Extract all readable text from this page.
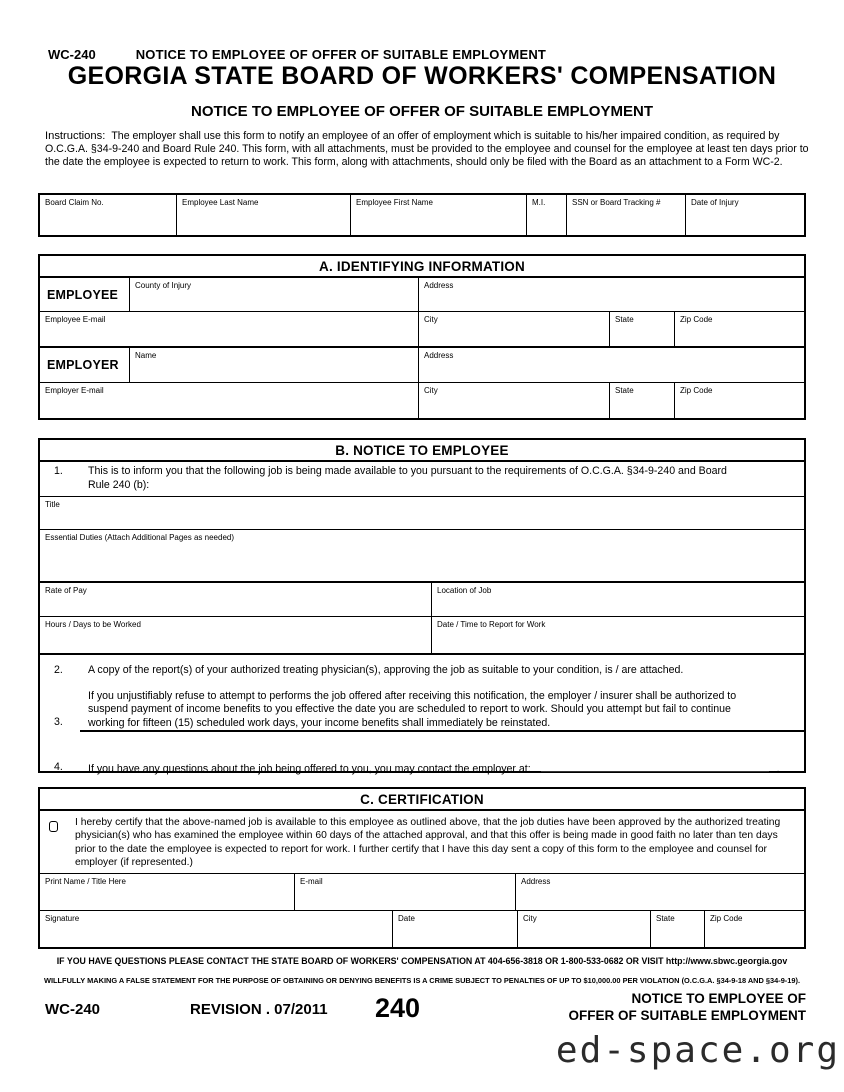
WC-240	NOTICE TO EMPLOYEE OF OFFER OF SUITABLE EMPLOYMENT
GEORGIA STATE BOARD OF WORKERS' COMPENSATION
NOTICE TO EMPLOYEE OF OFFER OF SUITABLE EMPLOYMENT
Instructions: The employer shall use this form to notify an employee of an offer of employment which is suitable to his/her impaired condition, as required by O.C.G.A. §34-9-240 and Board Rule 240. This form, with all attachments, must be provided to the employee and counsel for the employee at least ten days prior to the date the employee is expected to return to work. This form, along with attachments, should only be filed with the Board as an attachment to a Form WC-2.
Board Claim No.	Employee Last Name	Employee First Name	M.I.	SSN or Board Tracking #	Date of Injury
A. IDENTIFYING INFORMATION
EMPLOYEE
County of Injury	Address
Employee E-mail	City	State	Zip Code
EMPLOYER
Name	Address
Employer E-mail	City	State	Zip Code
B. NOTICE TO EMPLOYEE
1.	This is to inform you that the following job is being made available to you pursuant to the requirements of O.C.G.A. §34-9-240 and Board Rule 240 (b):
Title
Essential Duties (Attach Additional Pages as needed)
Rate of Pay	Location of Job
Hours / Days to be Worked	Date / Time to Report for Work
2.	A copy of the report(s) of your authorized treating physician(s), approving the job as suitable to your condition, is / are attached.
3.
If you unjustifiably refuse to attempt to performs the job offered after receiving this notification, the employer / insurer shall be authorized to
suspend payment of income benefits to you effective the date you are scheduled to report to work. Should you attempt but fail to continue
working for fifteen (15) scheduled work days, your income benefits shall immediately be reinstated.
4.	If you have any questions about the job being offered to you, you may contact the employer at:	.
C. CERTIFICATION
I hereby certify that the above-named job is available to this employee as outlined above, that the job duties have been approved by the authorized treating physician(s) who has examined the employee within 60 days of the attached approval, and that this offer is being made in good faith no later than ten days prior to the date the employee is expected to report for work. I further certify that I have this day sent a copy of this form to the employee and counsel for employer (if represented.)
Print Name / Title Here	E-mail	Address
Signature	Date	City	State	Zip Code
IF YOU HAVE QUESTIONS PLEASE CONTACT THE STATE BOARD OF WORKERS' COMPENSATION AT 404-656-3818 OR 1-800-533-0682 OR VISIT http://www.sbwc.georgia.gov
WILLFULLY MAKING A FALSE STATEMENT FOR THE PURPOSE OF OBTAINING OR DENYING BENEFITS IS A CRIME SUBJECT TO PENALTIES OF UP TO $10,000.00 PER VIOLATION (O.C.G.A. §34-9-18 AND §34-9-19).
WC-240	REVISION . 07/2011 240	NOTICE TO EMPLOYEE OF
OFFER OF SUITABLE EMPLOYMENT
ed-space.org
